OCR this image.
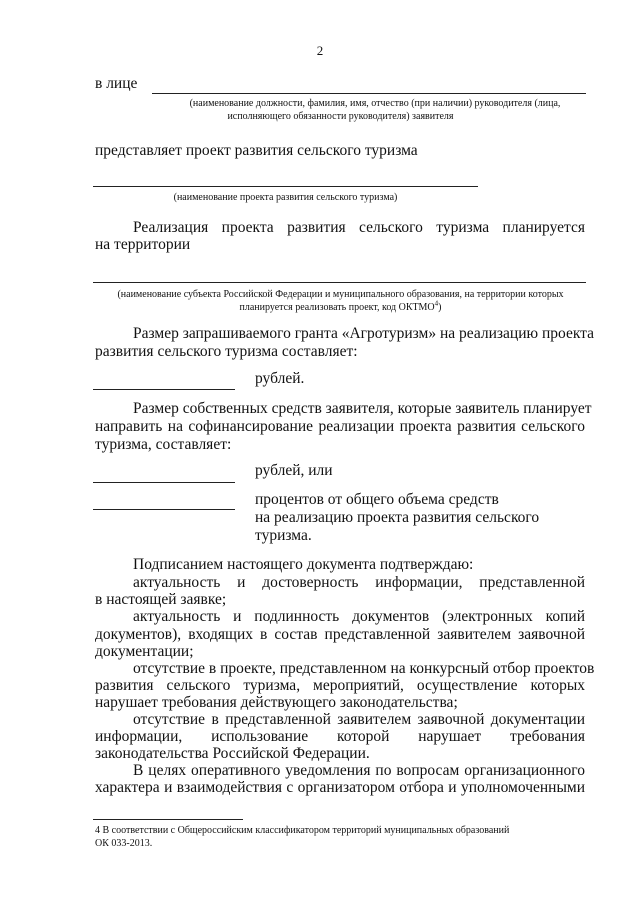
2
в лице
(наименование должности, фамилия, имя, отчество (при наличии) руководителя (лица,
исполняющего обязанности руководителя) заявителя
представляет проект развития сельского туризма
(наименование проекта развития сельского туризма)
Реализация проекта развития сельского туризма планируется
на территории
(наименование субъекта Российской Федерации и муниципального образования, на территории которых
планируется реализовать проект, код ОКТМО$^4$)
Размер запрашиваемого гранта «Агротуризм» на реализацию проекта
развития сельского туризма составляет:
рублей.
Размер собственных средств заявителя, которые заявитель планирует
направить на софинансирование реализации проекта развития сельского
туризма, составляет:
рублей, или
процентов от общего объема средств
на реализацию проекта развития сельского
туризма.
Подписанием настоящего документа подтверждаю:
актуальность и достоверность информации, представленной
в настоящей заявке;
актуальность и подлинность документов (электронных копий
документов), входящих в состав представленной заявителем заявочной
документации;
отсутствие в проекте, представленном на конкурсный отбор проектов
развития сельского туризма, мероприятий, осуществление которых
нарушает требования действующего законодательства;
отсутствие в представленной заявителем заявочной документации
информации, использование которой нарушает требования
законодательства Российской Федерации.
В целях оперативного уведомления по вопросам организационного
характера и взаимодействия с организатором отбора и уполномоченными
4 В соответствии с Общероссийским классификатором территорий муниципальных образований
ОК 033-2013.
